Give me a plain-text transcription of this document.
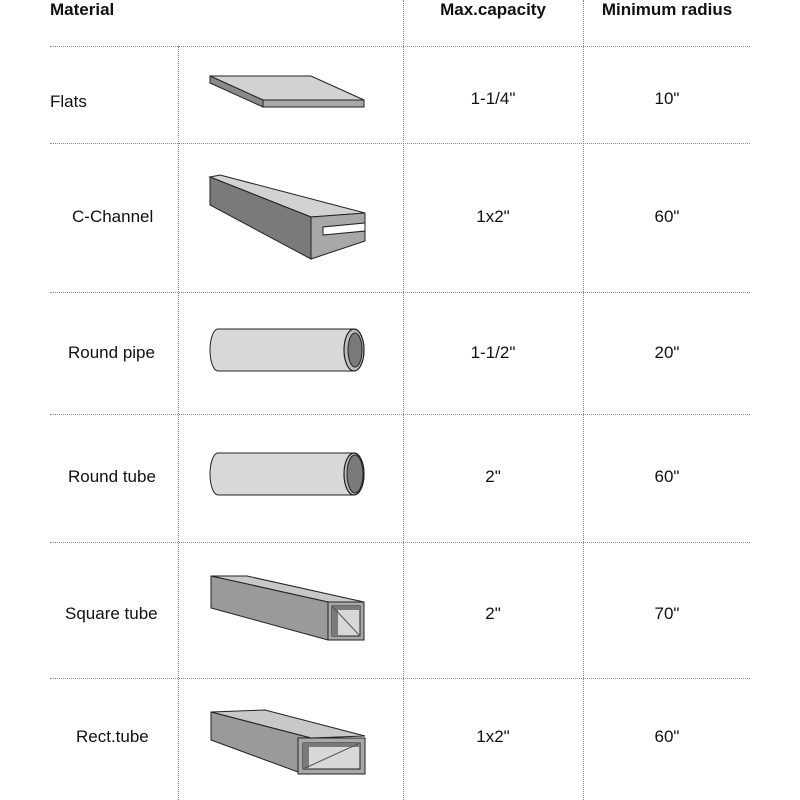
Material	Max.capacity	Minimum radius
Flats	1-1/4"	10"
C-Channel	1x2"	60"
Round pipe	1-1/2"	20"
Round tube	2"	60"
Square tube	2"	70"
Rect.tube	1x2"	60"
